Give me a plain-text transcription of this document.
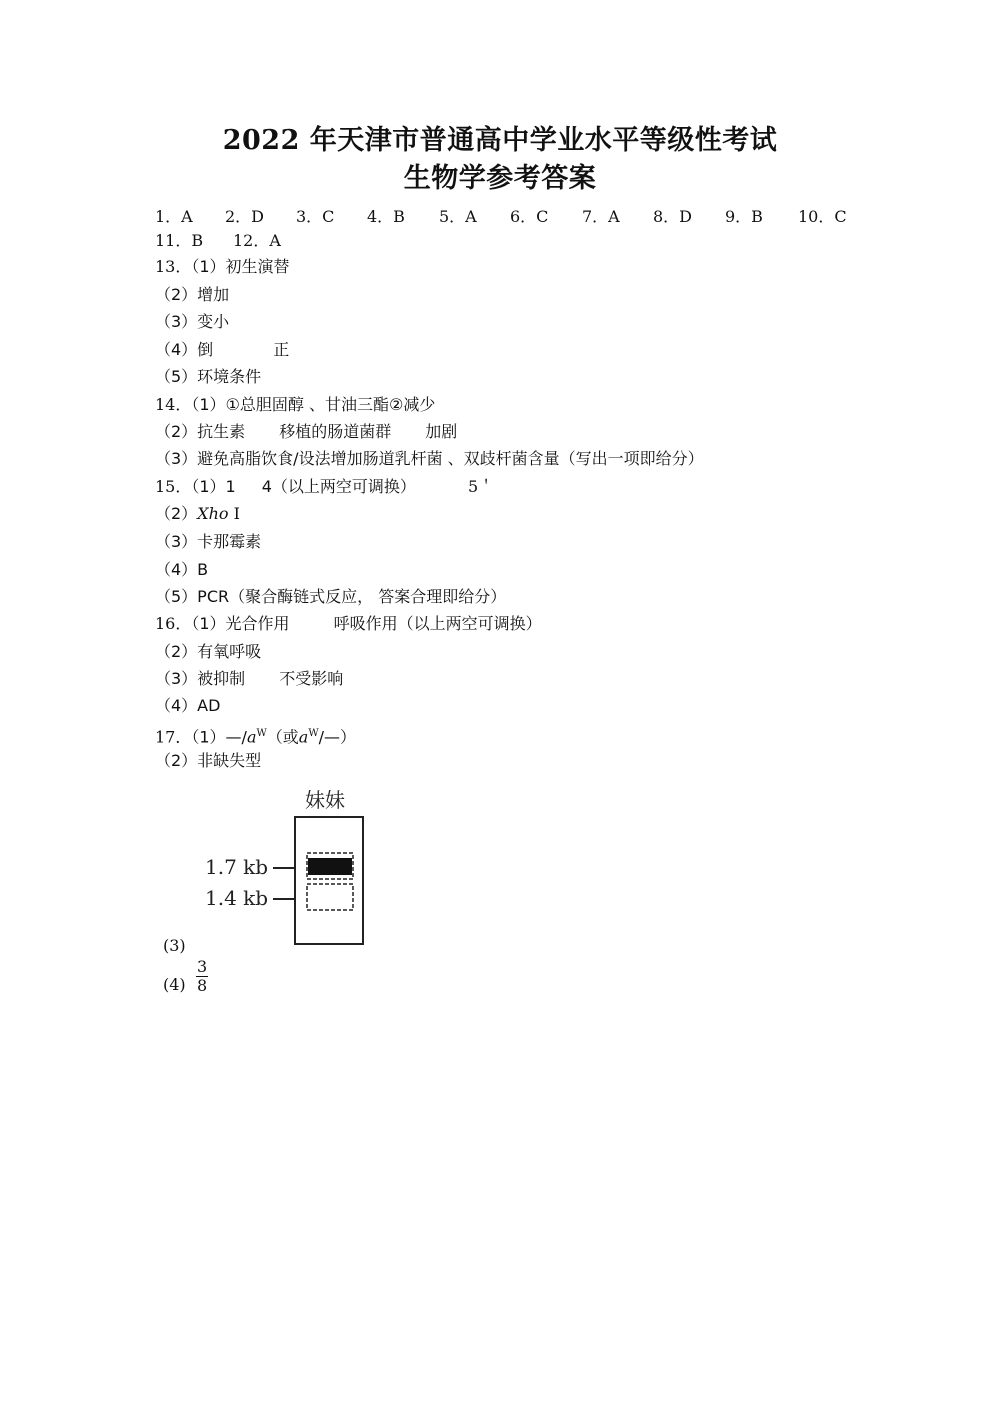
2022 年天津市普通高中学业水平等级性考试
生物学参考答案
1．A 2．D 3．C 4．B 5．A 6．C 7．A 8．D 9．B 10．C
11．B 12．A
13．（1）初生演替
（2）增加
（3）变小
（4）倒	正
（5）环境条件
14．（1）①总胆固醇 、甘油三酯②减少
（2）抗生素 移植的肠道菌群 加剧
（3）避免高脂饮食/设法增加肠道乳杆菌 、双歧杆菌含量（写出一项即给分）
15．（1）1 4（以上两空可调换）	5＇
（2）Xho Ⅰ
（3）卡那霉素
（4）B
（5）PCR（聚合酶链式反应， 答案合理即给分）
16．（1）光合作用	呼吸作用（以上两空可调换）
（2）有氧呼吸
（3）被抑制 不受影响
（4）AD
17．$(1)—/a^W$（或$a^W/—$）
（2）非缺失型
妹妹
1.7 kb
1.4 kb
(3)
$(4) \frac{3}{8}$
